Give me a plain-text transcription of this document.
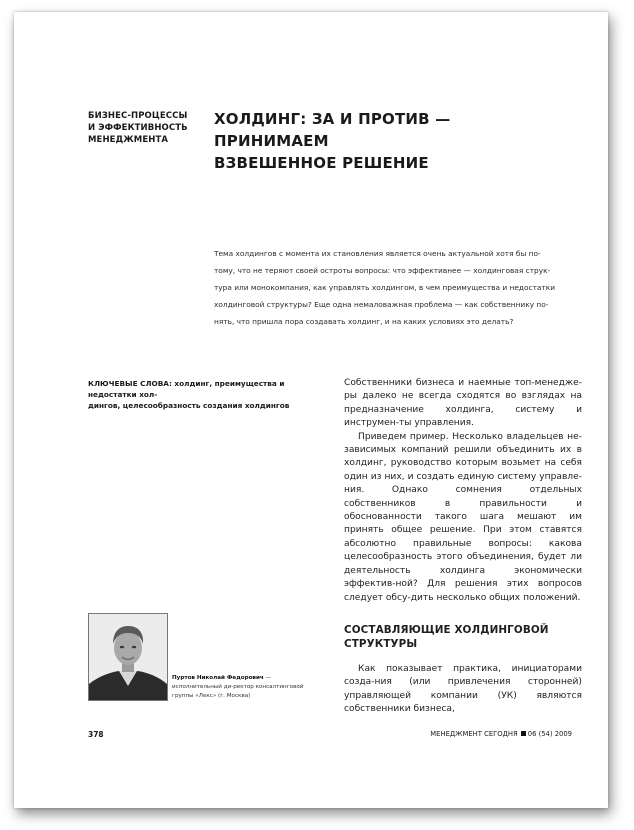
БИЗНЕС-ПРОЦЕССЫ
И ЭФФЕКТИВНОСТЬ
МЕНЕДЖМЕНТА
ХОЛДИНГ: ЗА И ПРОТИВ — ПРИНИМАЕМ
ВЗВЕШЕННОЕ РЕШЕНИЕ
Тема холдингов с момента их становления является очень актуальной хотя бы по-
тому, что не теряют своей остроты вопросы: что эффективнее — холдинговая струк-
тура или монокомпания, как управлять холдингом, в чем преимущества и недостатки
холдинговой структуры? Еще одна немаловажная проблема — как собственнику по-
нять, что пришла пора создавать холдинг, и на каких условиях это делать?
КЛЮЧЕВЫЕ СЛОВА: холдинг, преимущества и недостатки хол-
дингов, целесообразность создания холдингов

Собственники бизнеса и наемные топ-менедже-ры далеко не всегда сходятся во взглядах на предназначение холдинга, систему и инструмен-ты управления.

Приведем пример. Несколько владельцев не-зависимых компаний решили объединить их в холдинг, руководство которым возьмет на себя один из них, и создать единую систему управле-ния. Однако сомнения отдельных собственников в правильности и обоснованности такого шага мешают им принять общее решение. При этом ставятся абсолютно правильные вопросы: какова целесообразность этого объединения, будет ли деятельность холдинга экономически эффектив-ной? Для решения этих вопросов следует обсу-дить несколько общих положений.

СОСТАВЛЯЮЩИЕ ХОЛДИНГОВОЙ СТРУКТУРЫ

Как показывает практика, инициаторами созда-ния (или привлечения сторонней) управляющей компании (УК) являются собственники бизнеса,

Пуртов Николай Федорович — исполнительный ди-ректор консалтинговой группы «Лекс» (г. Москва)
378	МЕНЕДЖМЕНТ СЕГОДНЯ 06 (54) 2009
